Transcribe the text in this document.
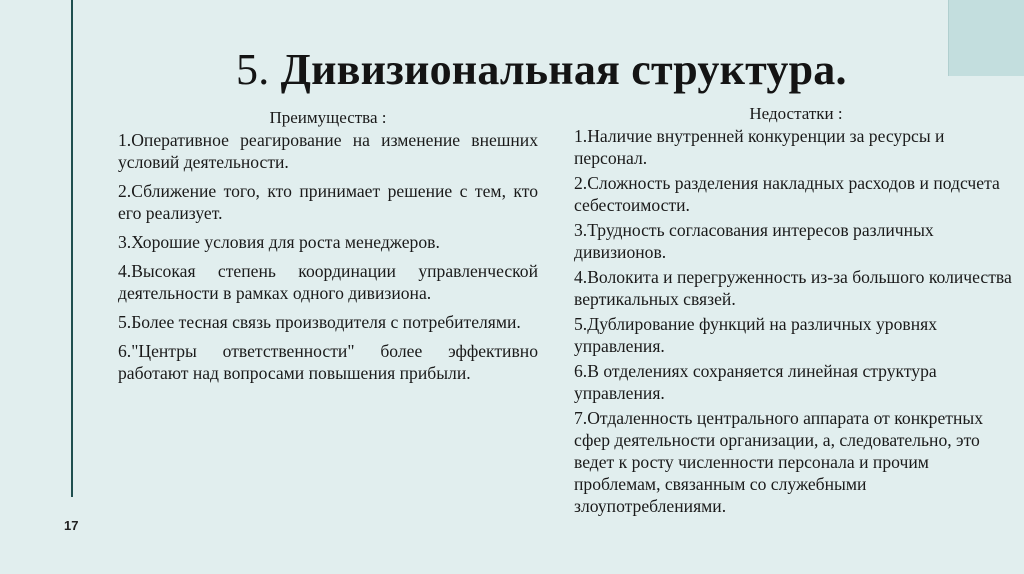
5. Дивизиональная структура.
Преимущества :

1.Оперативное реагирование на изменение внешних условий деятельности.

2.Сближение того, кто принимает решение с тем, кто его реализует.

3.Хорошие условия для роста менеджеров.

4.Высокая степень координации управленческой деятельности в рамках одного дивизиона.

5.Более тесная связь производителя с потребителями.

6."Центры ответственности" более эффективно работают над вопросами повышения прибыли.

Недостатки :

1.Наличие внутренней конкуренции за ресурсы и персонал.

2.Сложность разделения накладных расходов и подсчета себестоимости.

3.Трудность согласования интересов различных дивизионов.

4.Волокита и перегруженность из-за большого количества вертикальных связей.

5.Дублирование функций на различных уровнях управления.

6.В отделениях сохраняется линейная структура управления.

7.Отдаленность центрального аппарата от конкретных сфер деятельности организации, а, следовательно, это ведет к росту численности персонала и прочим проблемам, связанным со служебными злоупотреблениями.

17
